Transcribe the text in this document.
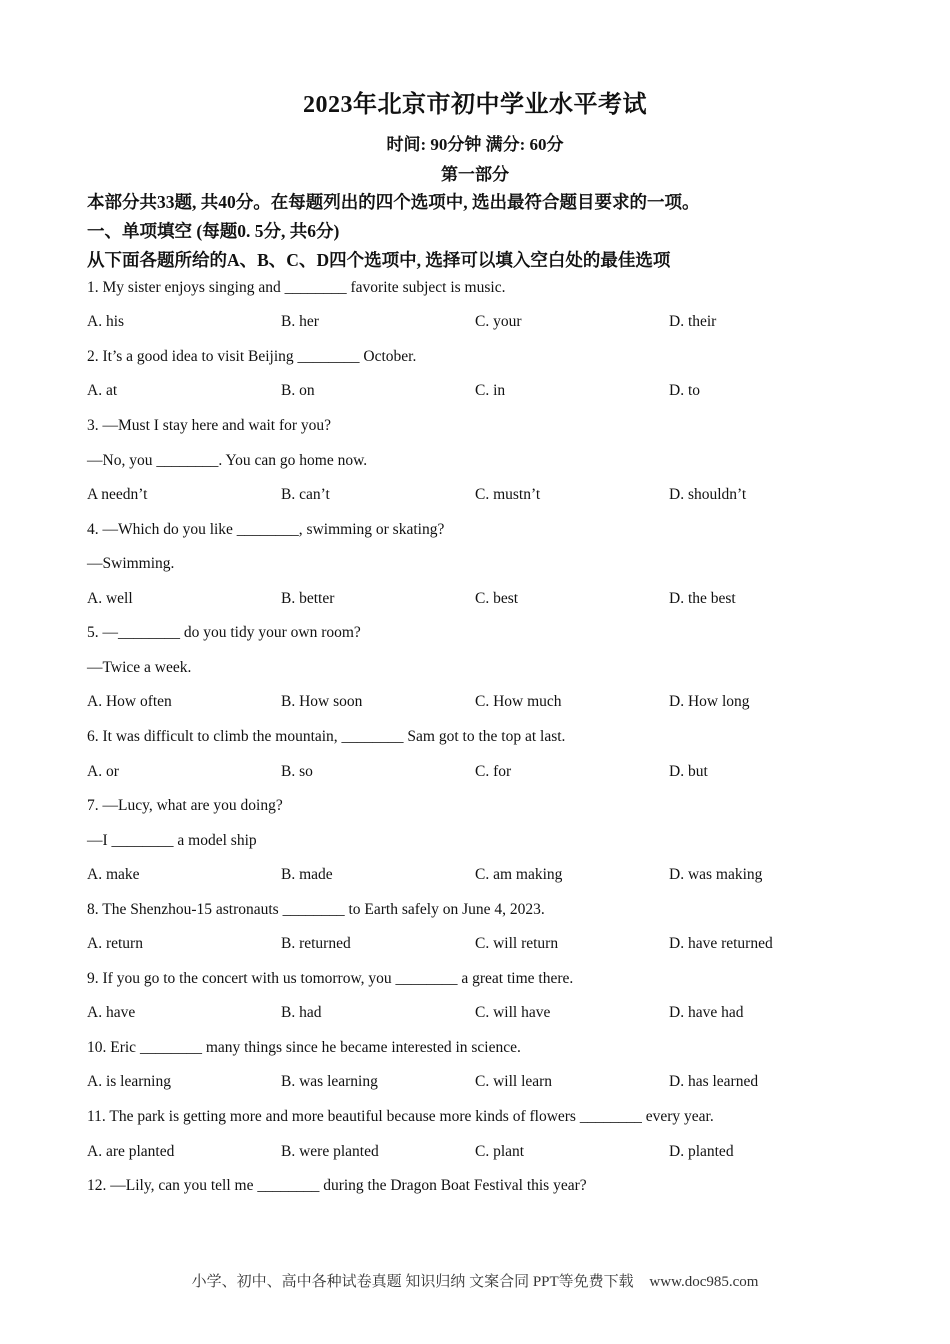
2023年北京市初中学业水平考试
时间: 90分钟 满分: 60分
第一部分
本部分共33题, 共40分。在每题列出的四个选项中, 选出最符合题目要求的一项。
一、单项填空 (每题0. 5分, 共6分)
从下面各题所给的A、B、C、D四个选项中, 选择可以填入空白处的最佳选项
1. My sister enjoys singing and ________ favorite subject is music.
A. his	B. her	C. your	D. their
2. It’s a good idea to visit Beijing ________ October.
A. at	B. on	C. in	D. to
3. —Must I stay here and wait for you?
—No, you ________. You can go home now.
A needn’t	B. can’t	C. mustn’t	D. shouldn’t
4. —Which do you like ________, swimming or skating?
—Swimming.
A. well	B. better	C. best	D. the best
5. —________ do you tidy your own room?
—Twice a week.
A. How often	B. How soon	C. How much	D. How long
6. It was difficult to climb the mountain, ________ Sam got to the top at last.
A. or	B. so	C. for	D. but
7. —Lucy, what are you doing?
—I ________ a model ship
A. make	B. made	C. am making	D. was making
8. The Shenzhou-15 astronauts ________ to Earth safely on June 4, 2023.
A. return	B. returned	C. will return	D. have returned
9. If you go to the concert with us tomorrow, you ________ a great time there.
A. have	B. had	C. will have	D. have had
10. Eric ________ many things since he became interested in science.
A. is learning	B. was learning	C. will learn	D. has learned
11. The park is getting more and more beautiful because more kinds of flowers ________ every year.
A. are planted	B. were planted	C. plant	D. planted
12. —Lily, can you tell me ________ during the Dragon Boat Festival this year?
小学、初中、高中各种试卷真题 知识归纳 文案合同 PPT等免费下载 www.doc985.com
